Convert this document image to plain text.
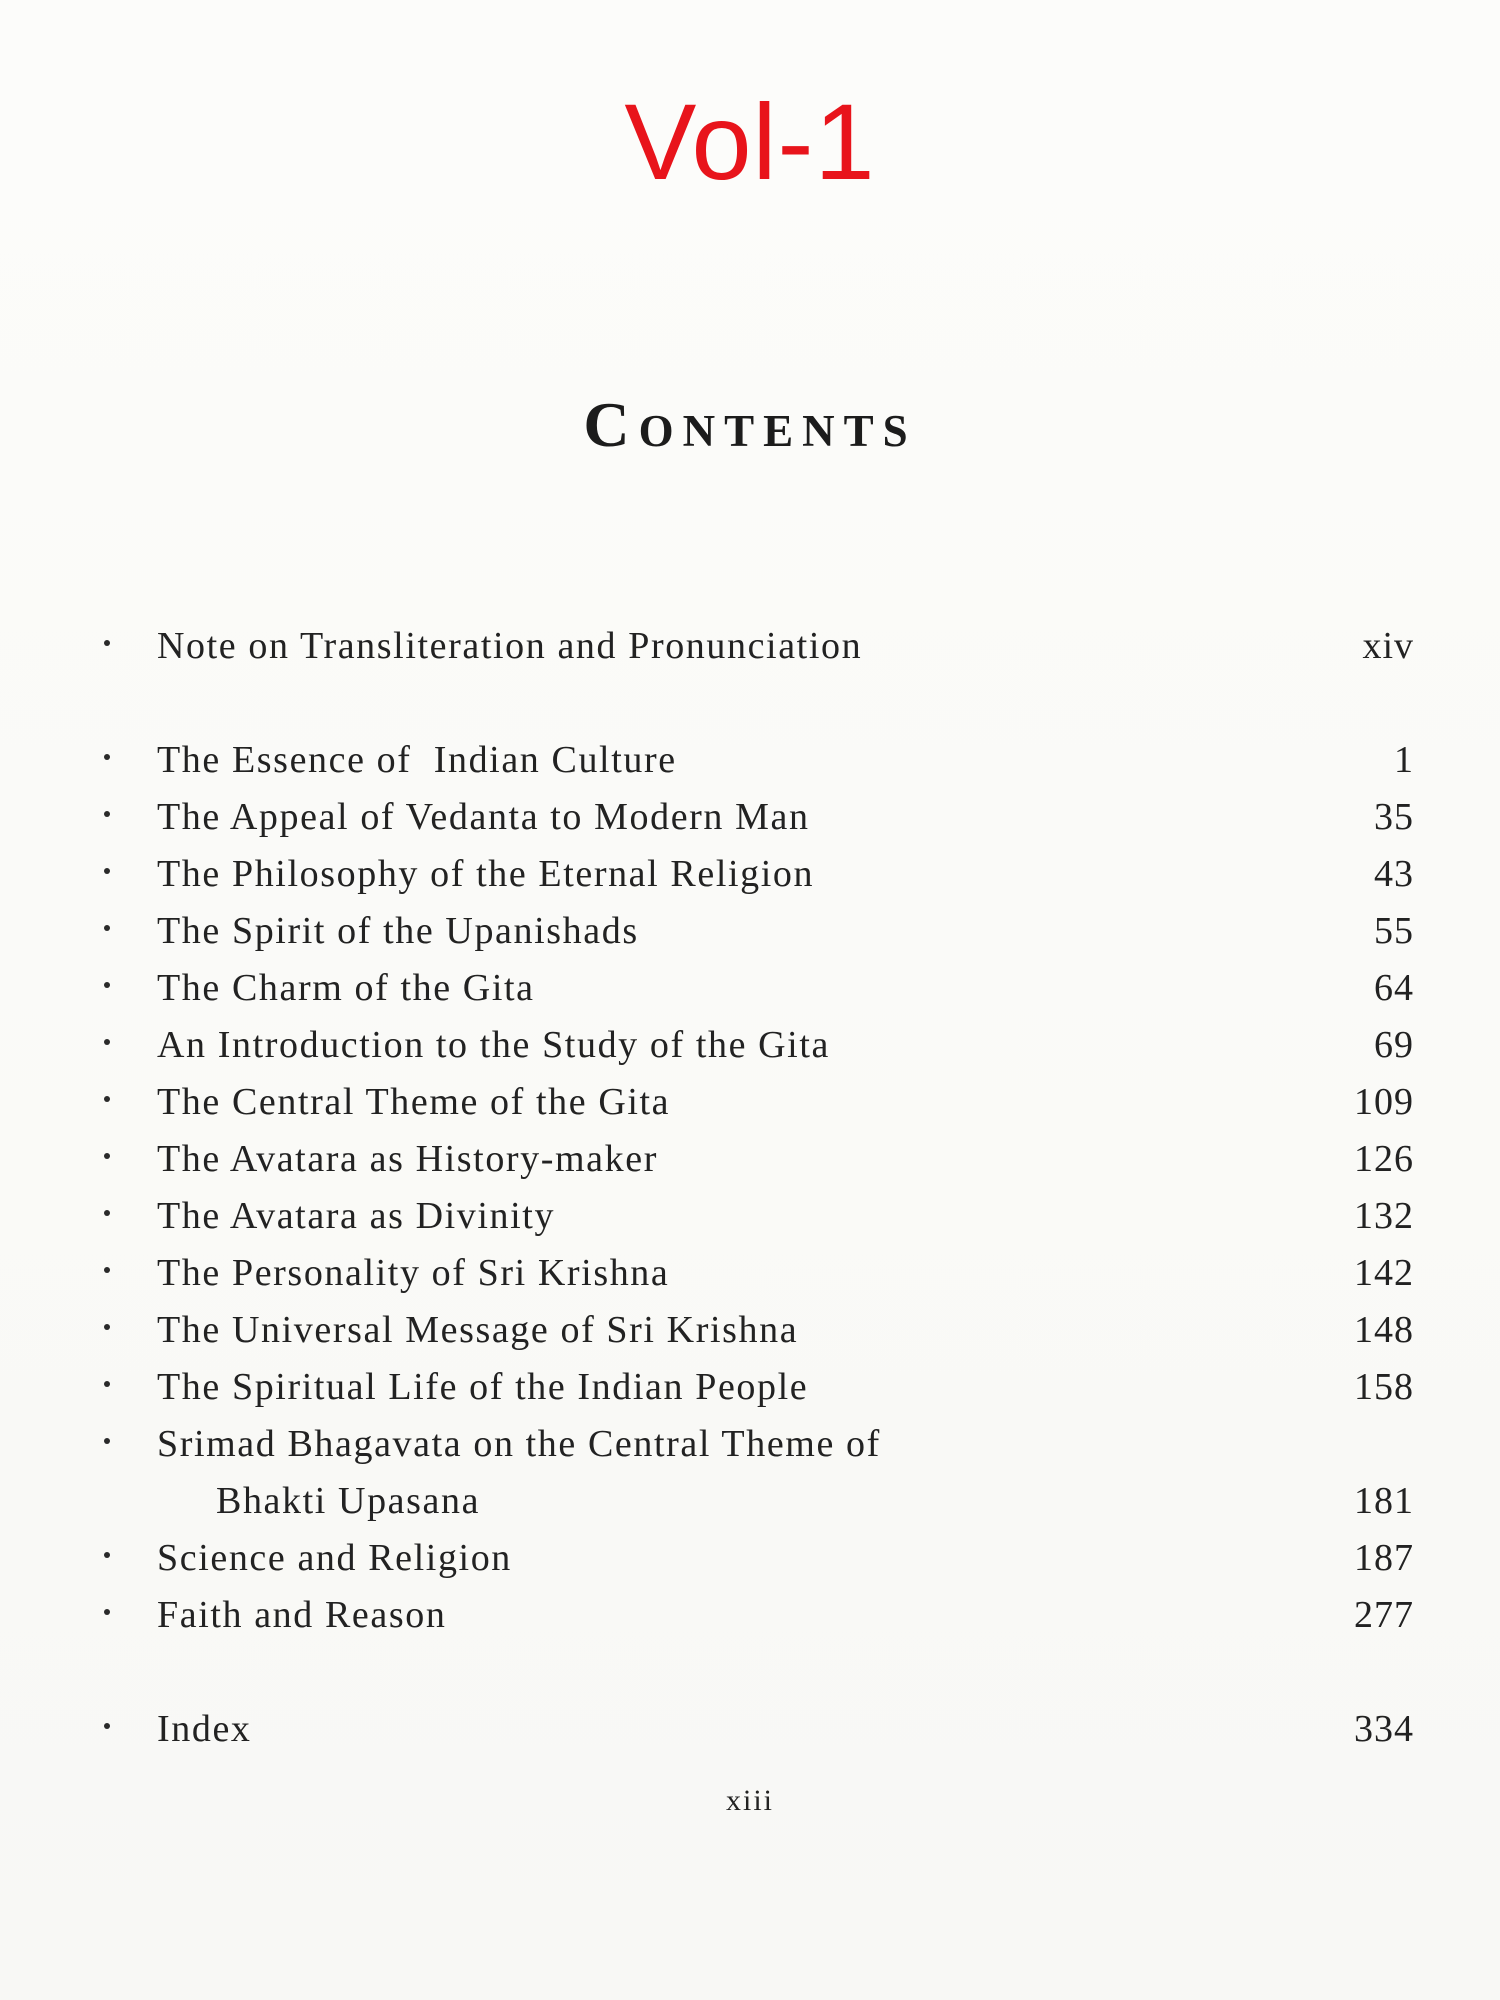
Vol-1
Contents
Note on Transliteration and Pronunciation	xiv
The Essence of  Indian Culture	1
The Appeal of Vedanta to Modern Man	35
The Philosophy of the Eternal Religion	43
The Spirit of the Upanishads	55
The Charm of the Gita	64
An Introduction to the Study of the Gita	69
The Central Theme of the Gita	109
The Avatara as History-maker	126
The Avatara as Divinity	132
The Personality of Sri Krishna	142
The Universal Message of Sri Krishna	148
The Spiritual Life of the Indian People	158
Srimad Bhagavata on the Central Theme of
Bhakti Upasana	181
Science and Religion	187
Faith and Reason	277
Index	334
xiii
